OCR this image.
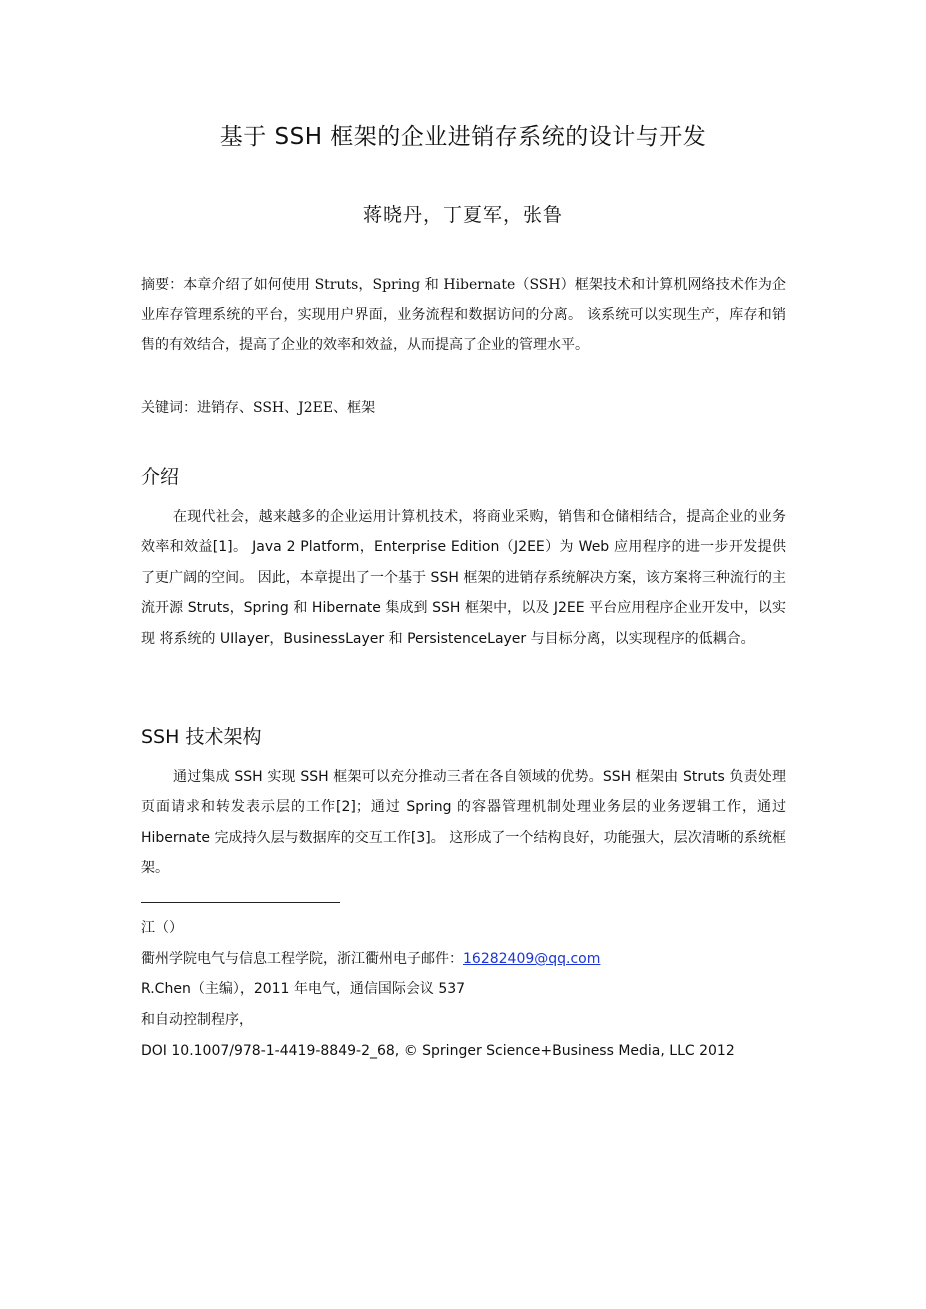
基于 SSH 框架的企业进销存系统的设计与开发
蒋晓丹，丁夏军，张鲁
摘要：本章介绍了如何使用 Struts，Spring 和 Hibernate（SSH）框架技术和计算机网络技术作为企业库存管理系统的平台，实现用户界面，业务流程和数据访问的分离。 该系统可以实现生产，库存和销售的有效结合，提高了企业的效率和效益，从而提高了企业的管理水平。
关键词：进销存、SSH、J2EE、框架
介绍
在现代社会，越来越多的企业运用计算机技术，将商业采购，销售和仓储相结合，提高企业的业务效率和效益[1]。 Java 2 Platform，Enterprise Edition（J2EE）为 Web 应用程序的进一步开发提供了更广阔的空间。 因此，本章提出了一个基于 SSH 框架的进销存系统解决方案，该方案将三种流行的主流开源 Struts，Spring 和 Hibernate 集成到 SSH 框架中，以及 J2EE 平台应用程序企业开发中，以实现 将系统的 UIlayer，BusinessLayer 和 PersistenceLayer 与目标分离，以实现程序的低耦合。
SSH 技术架构
通过集成 SSH 实现 SSH 框架可以充分推动三者在各自领域的优势。SSH 框架由 Struts 负责处理页面请求和转发表示层的工作[2]；通过 Spring 的容器管理机制处理业务层的业务逻辑工作，通过 Hibernate 完成持久层与数据库的交互工作[3]。 这形成了一个结构良好，功能强大，层次清晰的系统框架。
江（）
衢州学院电气与信息工程学院，浙江衢州电子邮件：16282409@qq.com
R.Chen（主编），2011 年电气，通信国际会议 537
和自动控制程序，
DOI 10.1007/978-1-4419-8849-2_68, © Springer Science+Business Media, LLC 2012
